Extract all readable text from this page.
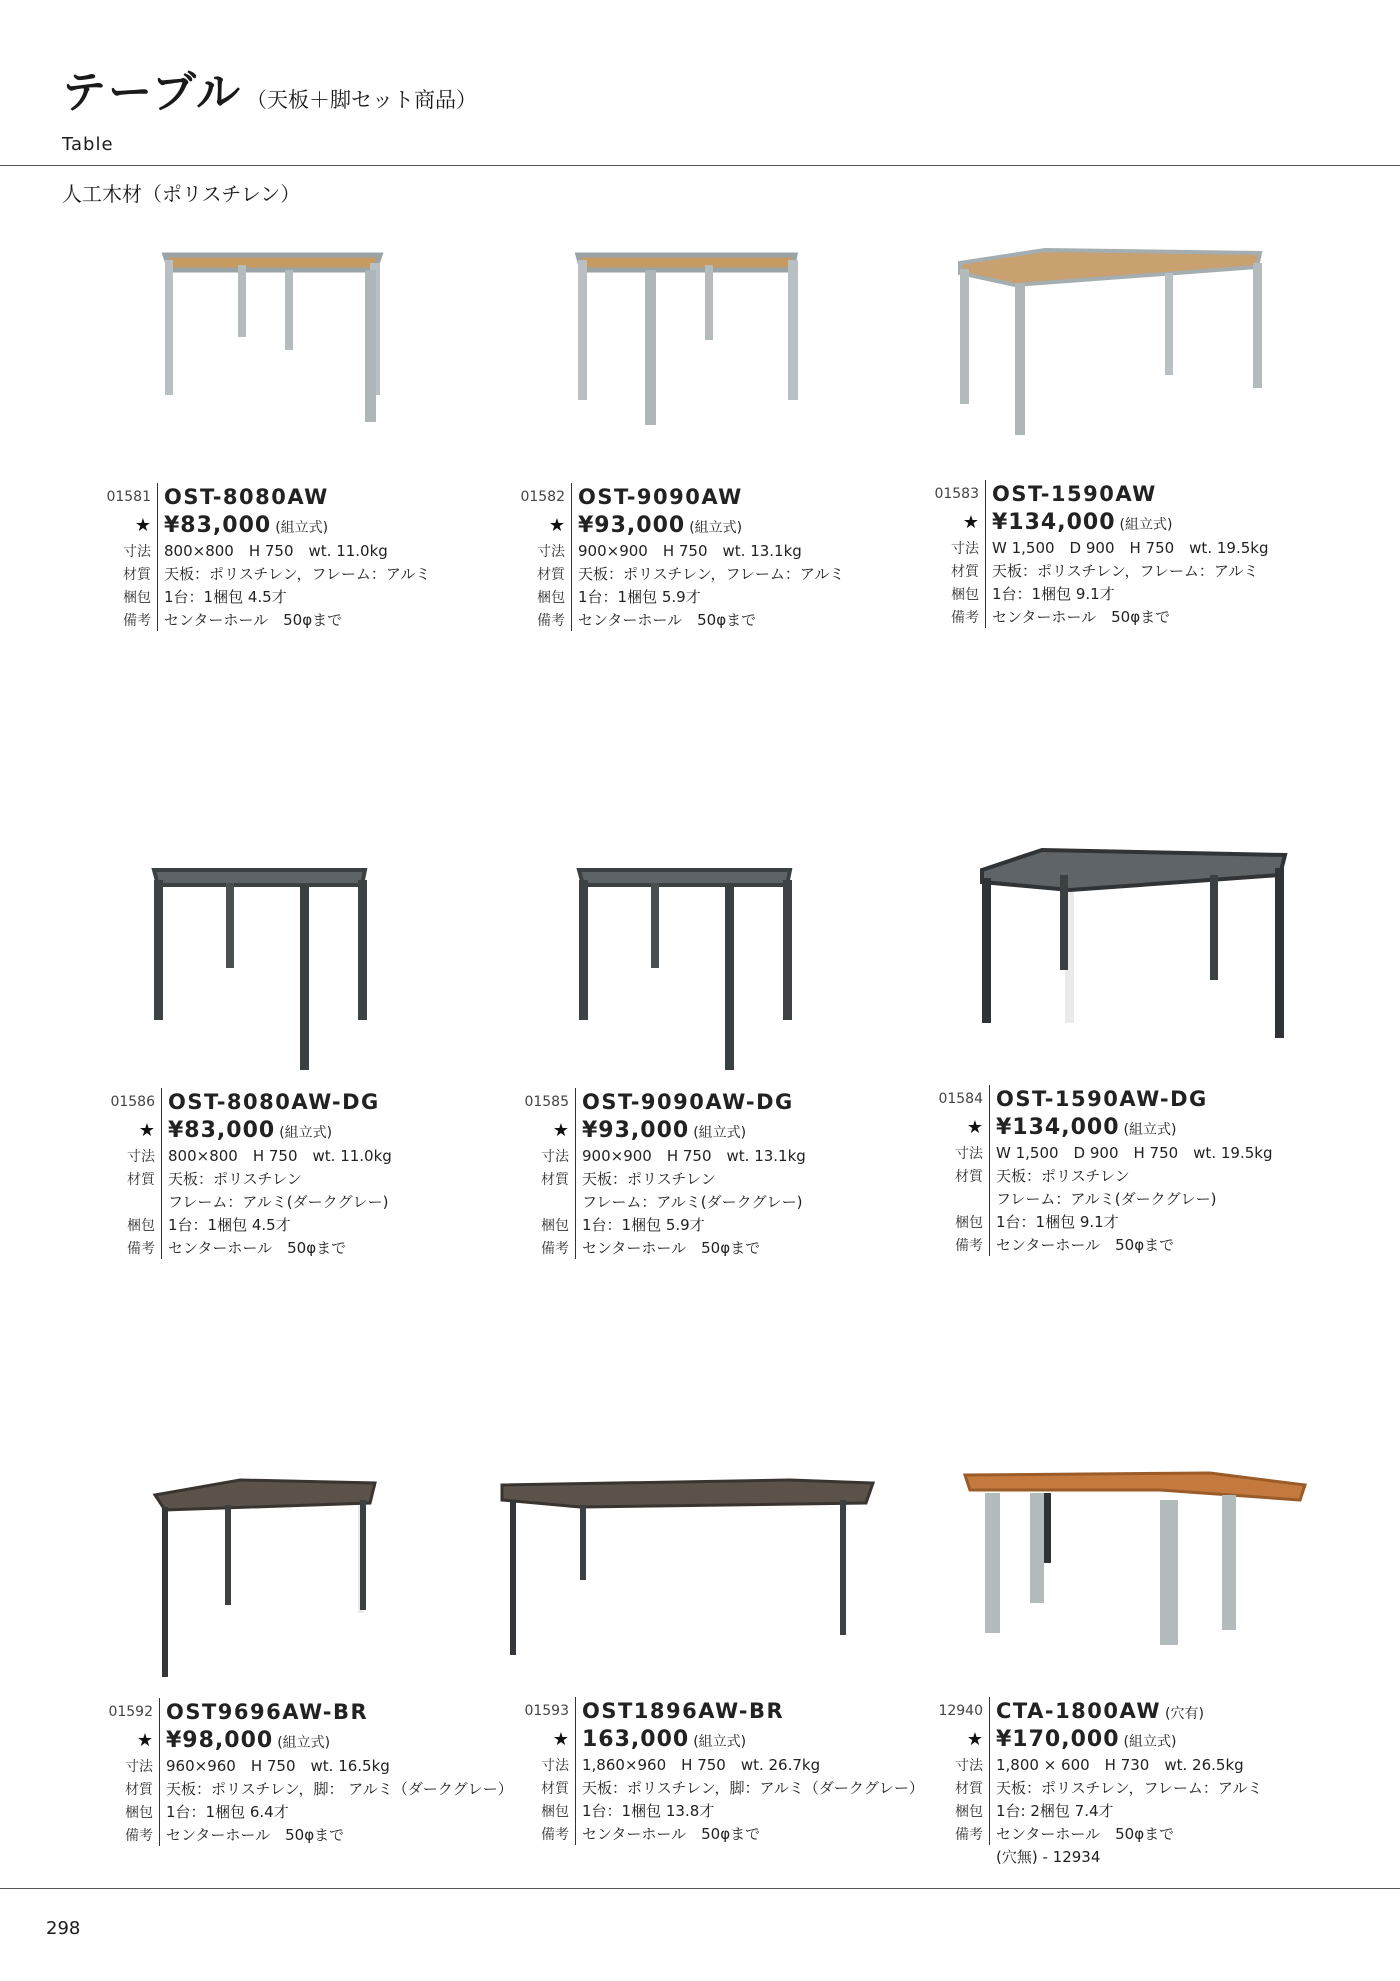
テーブル （天板＋脚セット商品）
Table
人工木材（ポリスチレン）
01581 OST-8080AW
★ ¥83,000 (組立式)
寸法 800×800　H 750　wt. 11.0kg
材質 天板：ポリスチレン，フレーム：アルミ
梱包 1台：1梱包 4.5才
備考 センターホール　50φまで
01582 OST-9090AW
★ ¥93,000 (組立式)
寸法 900×900　H 750　wt. 13.1kg
材質 天板：ポリスチレン，フレーム：アルミ
梱包 1台：1梱包 5.9才
備考 センターホール　50φまで
01583 OST-1590AW
★ ¥134,000 (組立式)
寸法 W 1,500　D 900　H 750　wt. 19.5kg
材質 天板：ポリスチレン，フレーム：アルミ
梱包 1台：1梱包 9.1才
備考 センターホール　50φまで
01586 OST-8080AW-DG
★ ¥83,000 (組立式)
寸法 800×800　H 750　wt. 11.0kg
材質 天板：ポリスチレン
フレーム：アルミ(ダークグレー)
梱包 1台：1梱包 4.5才
備考 センターホール　50φまで
01585 OST-9090AW-DG
★ ¥93,000 (組立式)
寸法 900×900　H 750　wt. 13.1kg
材質 天板：ポリスチレン
フレーム：アルミ(ダークグレー)
梱包 1台：1梱包 5.9才
備考 センターホール　50φまで
01584 OST-1590AW-DG
★ ¥134,000 (組立式)
寸法 W 1,500　D 900　H 750　wt. 19.5kg
材質 天板：ポリスチレン
フレーム：アルミ(ダークグレー)
梱包 1台：1梱包 9.1才
備考 センターホール　50φまで
01592 OST9696AW-BR
★ ¥98,000 (組立式)
寸法 960×960　H 750　wt. 16.5kg
材質 天板：ポリスチレン，脚： アルミ（ダークグレー）
梱包 1台：1梱包 6.4才
備考 センターホール　50φまで
01593 OST1896AW-BR
★ 163,000 (組立式)
寸法 1,860×960　H 750　wt. 26.7kg
材質 天板：ポリスチレン，脚：アルミ（ダークグレー）
梱包 1台：1梱包 13.8才
備考 センターホール　50φまで
12940 CTA-1800AW (穴有)
★ ¥170,000 (組立式)
寸法 1,800 × 600　H 730　wt. 26.5kg
材質 天板：ポリスチレン，フレーム：アルミ
梱包 1台: 2梱包 7.4才
備考 センターホール　50φまで
(穴無) - 12934
298
